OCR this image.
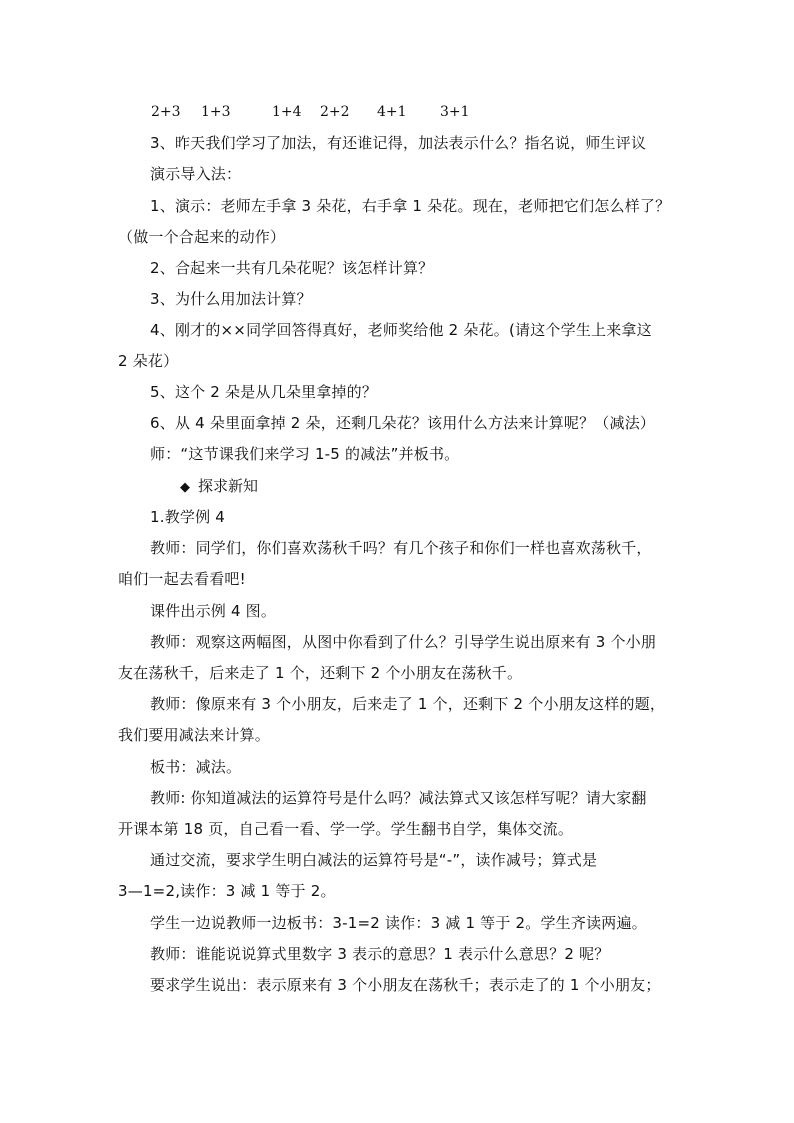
2+3 1+3	1+4 2+2 4+1 3+1
3、昨天我们学习了加法，有还谁记得，加法表示什么？指名说，师生评议
演示导入法：
1、演示：老师左手拿 3 朵花，右手拿 1 朵花。现在，老师把它们怎么样了？
（做一个合起来的动作）
2、合起来一共有几朵花呢？该怎样计算？
3、为什么用加法计算？
4、刚才的××同学回答得真好，老师奖给他 2 朵花。(请这个学生上来拿这
2 朵花）
5、这个 2 朵是从几朵里拿掉的？
6、从 4 朵里面拿掉 2 朵，还剩几朵花？该用什么方法来计算呢？（减法）
师：“这节课我们来学习 1-5 的减法”并板书。
◆ 探求新知
1.教学例 4
教师：同学们，你们喜欢荡秋千吗？有几个孩子和你们一样也喜欢荡秋千，
咱们一起去看看吧!
课件出示例 4 图。
教师：观察这两幅图，从图中你看到了什么？引导学生说出原来有 3 个小朋
友在荡秋千，后来走了 1 个，还剩下 2 个小朋友在荡秋千。
教师：像原来有 3 个小朋友，后来走了 1 个，还剩下 2 个小朋友这样的题，
我们要用减法来计算。
板书：减法。
教师: 你知道减法的运算符号是什么吗？减法算式又该怎样写呢？请大家翻
开课本第 18 页，自己看一看、学一学。学生翻书自学，集体交流。
通过交流，要求学生明白减法的运算符号是“-”，读作减号；算式是
3—1=2,读作：3 减 1 等于 2。
学生一边说教师一边板书：3-1=2 读作：3 减 1 等于 2。学生齐读两遍。
教师：谁能说说算式里数字 3 表示的意思？1 表示什么意思？2 呢？
要求学生说出：表示原来有 3 个小朋友在荡秋千；表示走了的 1 个小朋友；
